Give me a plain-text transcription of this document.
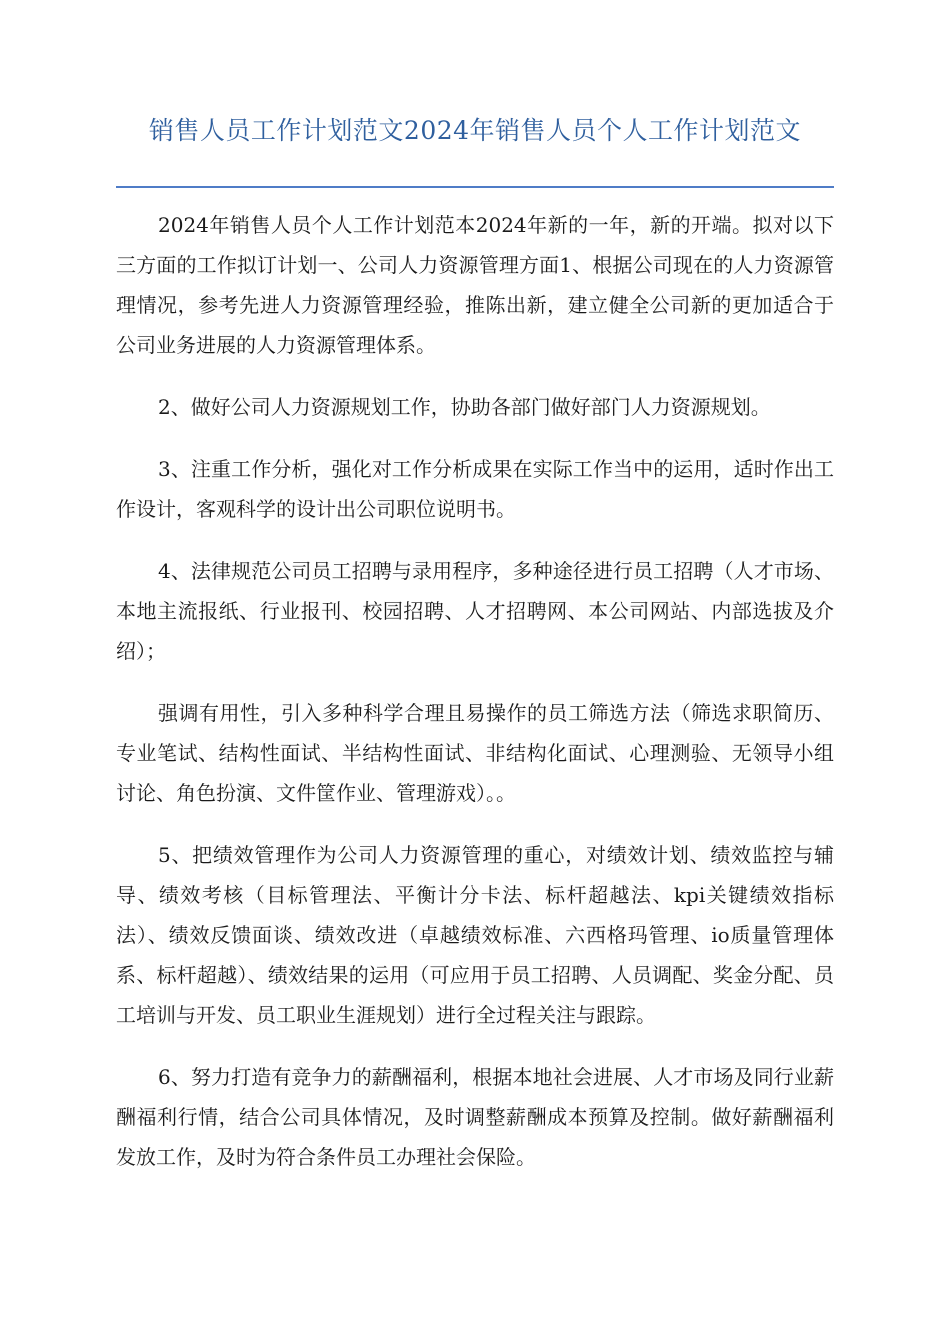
销售人员工作计划范文2024年销售人员个人工作计划范文

2024年销售人员个人工作计划范本2024年新的一年，新的开端。拟对以下三方面的工作拟订计划一、公司人力资源管理方面1、根据公司现在的人力资源管理情况，参考先进人力资源管理经验，推陈出新，建立健全公司新的更加适合于公司业务进展的人力资源管理体系。

2、做好公司人力资源规划工作，协助各部门做好部门人力资源规划。

3、注重工作分析，强化对工作分析成果在实际工作当中的运用，适时作出工作设计，客观科学的设计出公司职位说明书。

4、法律规范公司员工招聘与录用程序，多种途径进行员工招聘（人才市场、本地主流报纸、行业报刊、校园招聘、人才招聘网、本公司网站、内部选拔及介绍）；

强调有用性，引入多种科学合理且易操作的员工筛选方法（筛选求职简历、专业笔试、结构性面试、半结构性面试、非结构化面试、心理测验、无领导小组讨论、角色扮演、文件筐作业、管理游戏）。。

5、把绩效管理作为公司人力资源管理的重心，对绩效计划、绩效监控与辅导、绩效考核（目标管理法、平衡计分卡法、标杆超越法、kpi关键绩效指标法）、绩效反馈面谈、绩效改进（卓越绩效标准、六西格玛管理、io质量管理体系、标杆超越）、绩效结果的运用（可应用于员工招聘、人员调配、奖金分配、员工培训与开发、员工职业生涯规划）进行全过程关注与跟踪。

6、努力打造有竞争力的薪酬福利，根据本地社会进展、人才市场及同行业薪酬福利行情，结合公司具体情况，及时调整薪酬成本预算及控制。做好薪酬福利发放工作，及时为符合条件员工办理社会保险。
